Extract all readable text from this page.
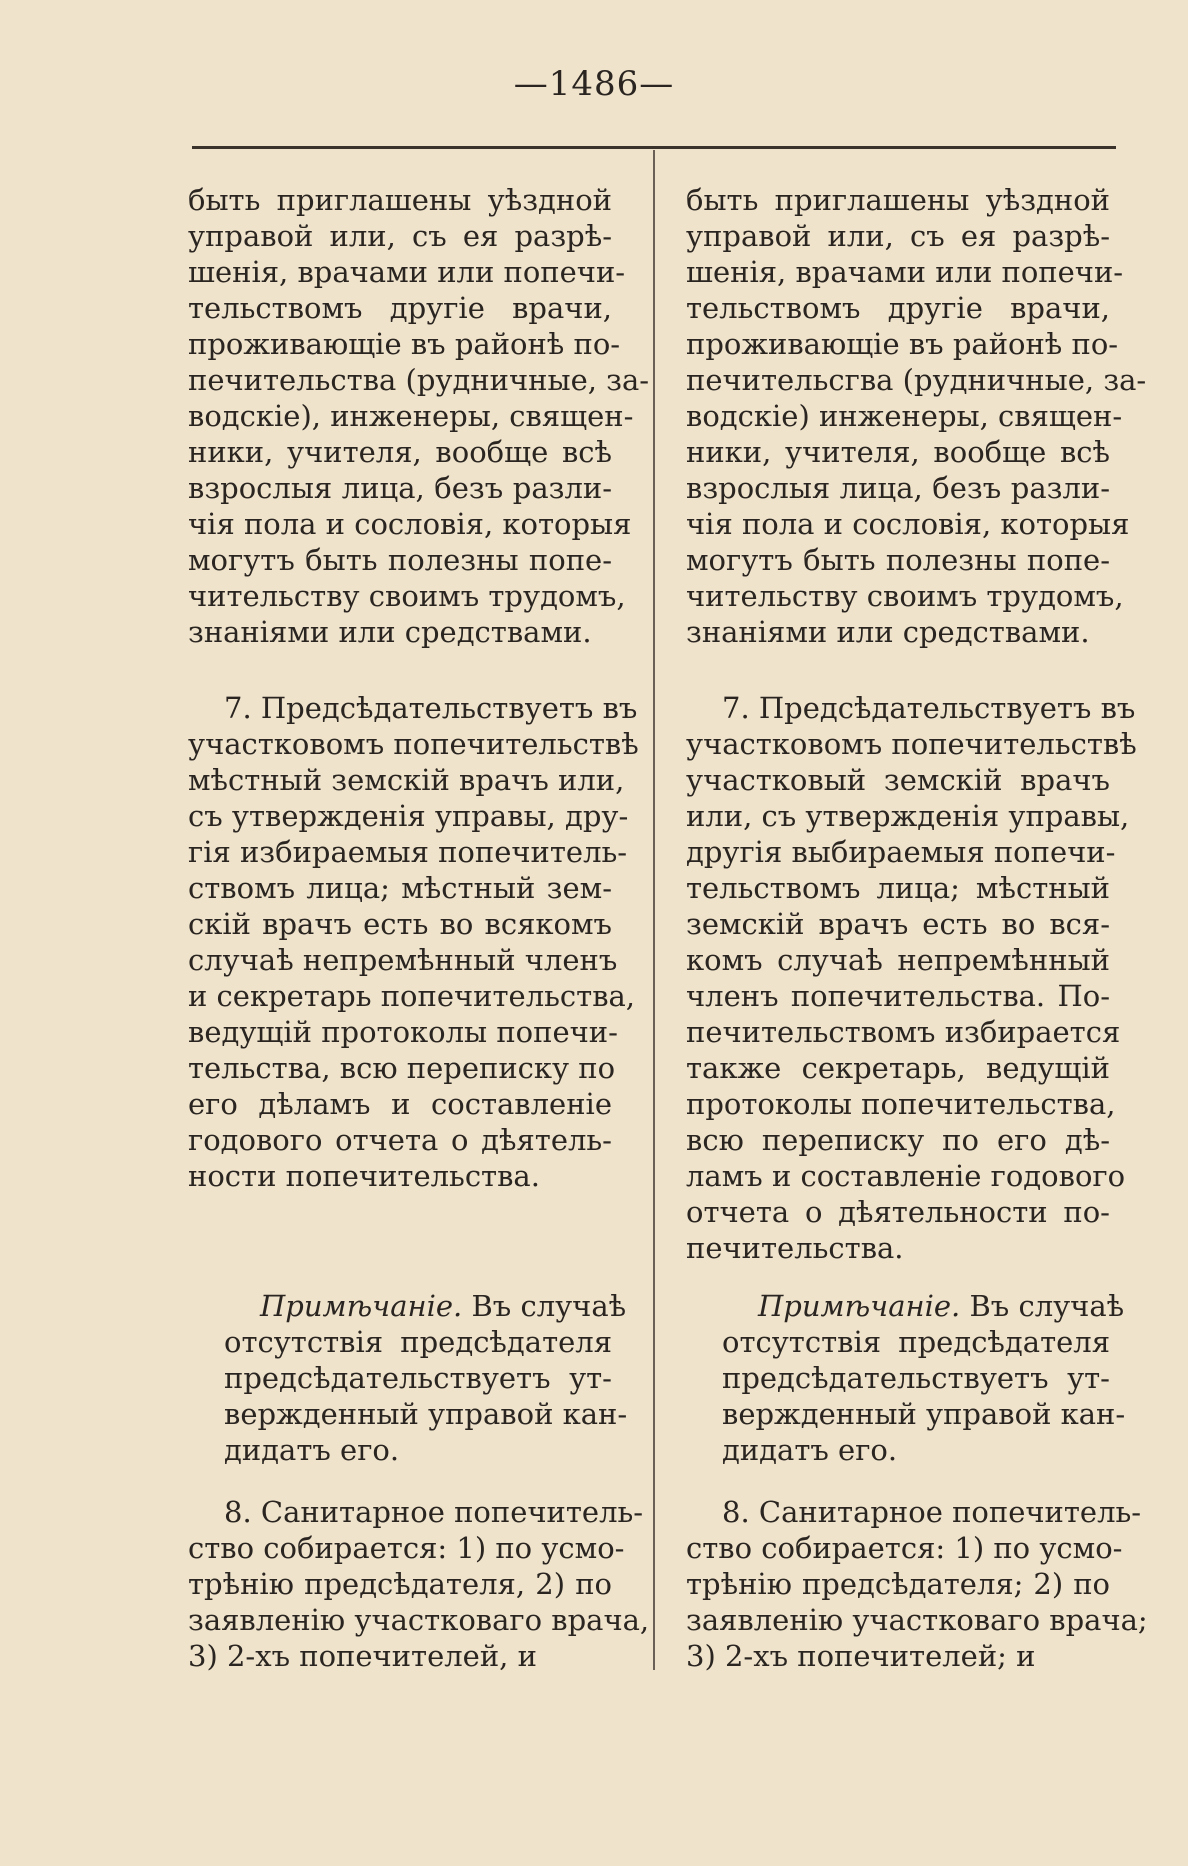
—1486—
быть приглашены уѣздной
управой или, съ ея разрѣ-
шенія, врачами или попечи-
тельствомъ другіе врачи,
проживающіе въ районѣ по-
печительства (рудничные, за-
водскіе), инженеры, священ-
ники, учителя, вообще всѣ
взрослыя лица, безъ разли-
чія пола и сословія, которыя
могутъ быть полезны попе-
чительству своимъ трудомъ,
знаніями или средствами.
7. Предсѣдательствуетъ въ
участковомъ попечительствѣ
мѣстный земскій врачъ или,
съ утвержденія управы, дру-
гія избираемыя попечитель-
ствомъ лица; мѣстный зем-
скій врачъ есть во всякомъ
случаѣ непремѣнный членъ
и секретарь попечительства,
ведущій протоколы попечи-
тельства, всю переписку по
его дѣламъ и составленіе
годового отчета о дѣятель-
ности попечительства.
Примѣчаніе. Въ случаѣ
отсутствія предсѣдателя
предсѣдательствуетъ ут-
вержденный управой кан-
дидатъ его.
8. Санитарное попечитель-
ство собирается: 1) по усмо-
трѣнію предсѣдателя, 2) по
заявленію участковаго врача,
3) 2-хъ попечителей, и
быть приглашены уѣздной
управой или, съ ея разрѣ-
шенія, врачами или попечи-
тельствомъ другіе врачи,
проживающіе въ районѣ по-
печительсгва (рудничные, за-
водскіе) инженеры, священ-
ники, учителя, вообще всѣ
взрослыя лица, безъ разли-
чія пола и сословія, которыя
могутъ быть полезны попе-
чительству своимъ трудомъ,
знаніями или средствами.
7. Предсѣдательствуетъ въ
участковомъ попечительствѣ
участковый земскій врачъ
или, съ утвержденія управы,
другія выбираемыя попечи-
тельствомъ лица; мѣстный
земскій врачъ есть во вся-
комъ случаѣ непремѣнный
членъ попечительства. По-
печительствомъ избирается
также секретарь, ведущій
протоколы попечительства,
всю переписку по его дѣ-
ламъ и составленіе годового
отчета о дѣятельности по-
печительства.
Примѣчаніе. Въ случаѣ
отсутствія предсѣдателя
предсѣдательствуетъ ут-
вержденный управой кан-
дидатъ его.
8. Санитарное попечитель-
ство собирается: 1) по усмо-
трѣнію предсѣдателя; 2) по
заявленію участковаго врача;
3) 2-хъ попечителей; и
